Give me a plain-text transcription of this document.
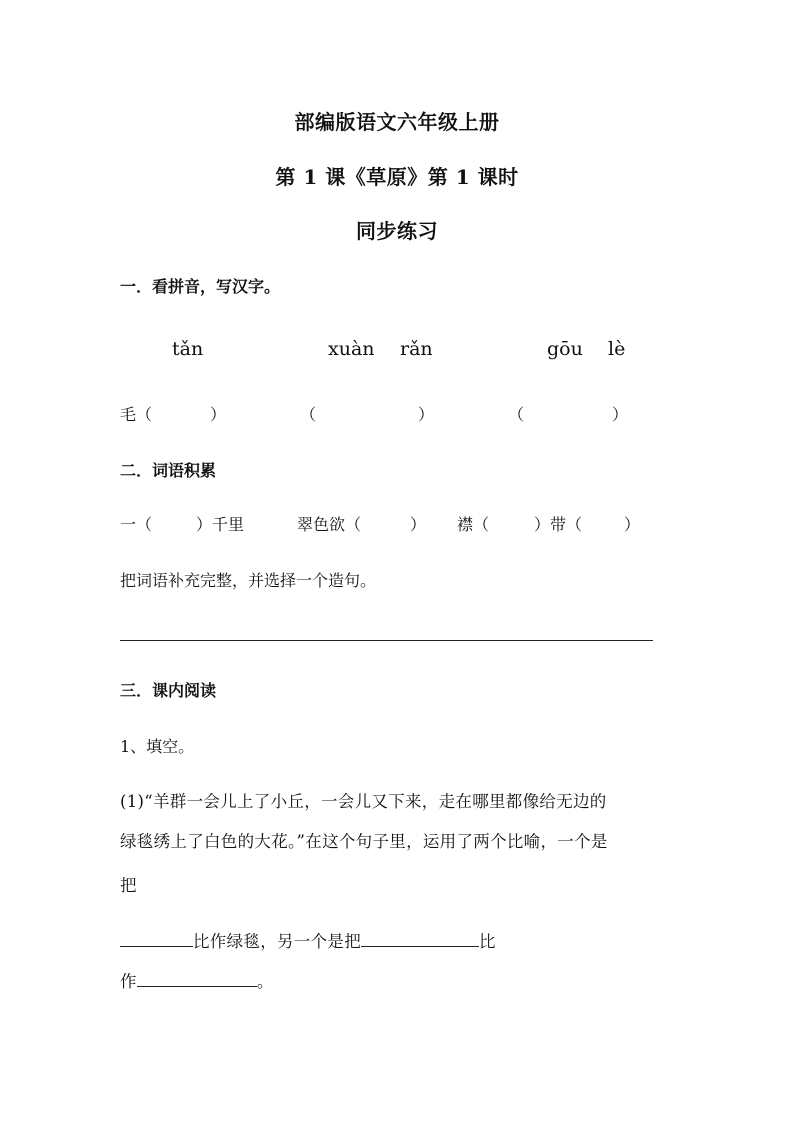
部编版语文六年级上册
第 1 课《草原》第 1 课时
同步练习
一．看拼音，写汉字。
tǎn	xuàn rǎn	gōu lè
毛（	）	（	）	（	）
二．词语积累
一（	）千里	翠色欲（	） 襟（	）带（	）
把词语补充完整，并选择一个造句。
三．课内阅读
1、填空。
(1)“羊群一会儿上了小丘，一会儿又下来，走在哪里都像给无边的
绿毯绣上了白色的大花。”在这个句子里，运用了两个比喻，一个是
把
比作绿毯，另一个是把	比
作	。
